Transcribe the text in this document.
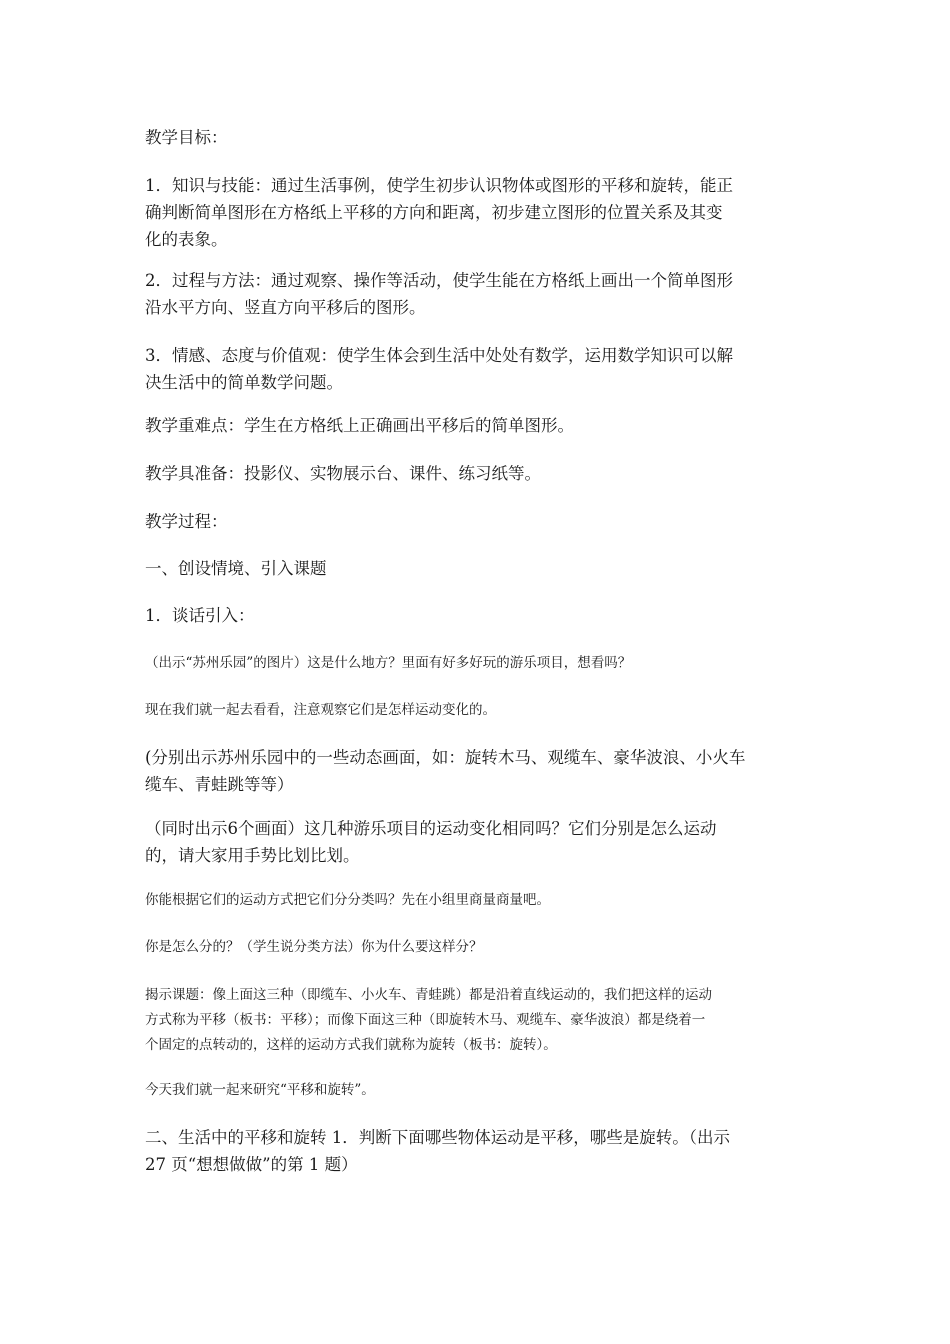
教学目标：

1．知识与技能：通过生活事例，使学生初步认识物体或图形的平移和旋转，能正
确判断简单图形在方格纸上平移的方向和距离，初步建立图形的位置关系及其变
化的表象。

2．过程与方法：通过观察、操作等活动，使学生能在方格纸上画出一个简单图形
沿水平方向、竖直方向平移后的图形。

3．情感、态度与价值观：使学生体会到生活中处处有数学，运用数学知识可以解
决生活中的简单数学问题。

教学重难点：学生在方格纸上正确画出平移后的简单图形。

教学具准备：投影仪、实物展示台、课件、练习纸等。

教学过程：

一、创设情境、引入课题

1．谈话引入：

（出示“苏州乐园”的图片）这是什么地方？里面有好多好玩的游乐项目，想看吗？

现在我们就一起去看看，注意观察它们是怎样运动变化的。

(分别出示苏州乐园中的一些动态画面，如：旋转木马、观缆车、豪华波浪、小火车
缆车、青蛙跳等等）

（同时出示6个画面）这几种游乐项目的运动变化相同吗？它们分别是怎么运动
的，请大家用手势比划比划。

你能根据它们的运动方式把它们分分类吗？先在小组里商量商量吧。

你是怎么分的？（学生说分类方法）你为什么要这样分？

揭示课题：像上面这三种（即缆车、小火车、青蛙跳）都是沿着直线运动的，我们把这样的运动
方式称为平移（板书：平移）；而像下面这三种（即旋转木马、观缆车、豪华波浪）都是绕着一
个固定的点转动的，这样的运动方式我们就称为旋转（板书：旋转）。

今天我们就一起来研究“平移和旋转”。

二、生活中的平移和旋转 1．判断下面哪些物体运动是平移，哪些是旋转。（出示
27 页“想想做做”的第 1 题）
